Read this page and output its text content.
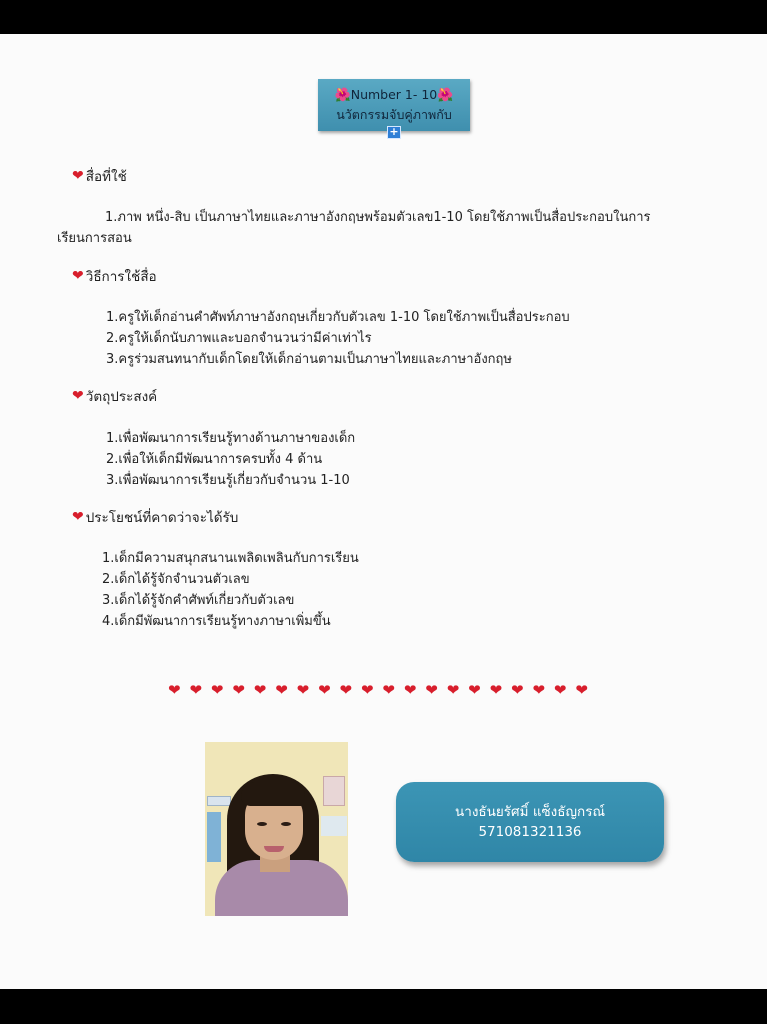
🌺Number 1- 10🌺
นวัตกรรมจับคู่ภาพกับ
+
❤ สื่อที่ใช้
1.ภาพ หนึ่ง-สิบ เป็นภาษาไทยและภาษาอังกฤษพร้อมตัวเลข1-10 โดยใช้ภาพเป็นสื่อประกอบในการ
เรียนการสอน
❤ วิธีการใช้สื่อ
1.ครูให้เด็กอ่านคำศัพท์ภาษาอังกฤษเกี่ยวกับตัวเลข 1-10 โดยใช้ภาพเป็นสื่อประกอบ
2.ครูให้เด็กนับภาพและบอกจำนวนว่ามีค่าเท่าไร
3.ครูร่วมสนทนากับเด็กโดยให้เด็กอ่านตามเป็นภาษาไทยและภาษาอังกฤษ
❤ วัตถุประสงค์
1.เพื่อพัฒนาการเรียนรู้ทางด้านภาษาของเด็ก
2.เพื่อให้เด็กมีพัฒนาการครบทั้ง 4 ด้าน
3.เพื่อพัฒนาการเรียนรู้เกี่ยวกับจำนวน 1-10
❤ ประโยชน์ที่คาดว่าจะได้รับ
1.เด็กมีความสนุกสนานเพลิดเพลินกับการเรียน
2.เด็กได้รู้จักจำนวนตัวเลข
3.เด็กได้รู้จักคำศัพท์เกี่ยวกับตัวเลข
4.เด็กมีพัฒนาการเรียนรู้ทางภาษาเพิ่มขึ้น
❤ ❤ ❤ ❤ ❤ ❤ ❤ ❤ ❤ ❤ ❤ ❤ ❤ ❤ ❤ ❤ ❤ ❤ ❤ ❤
นางธันยรัศมิ์ แซ็งธัญกรณ์
571081321136
